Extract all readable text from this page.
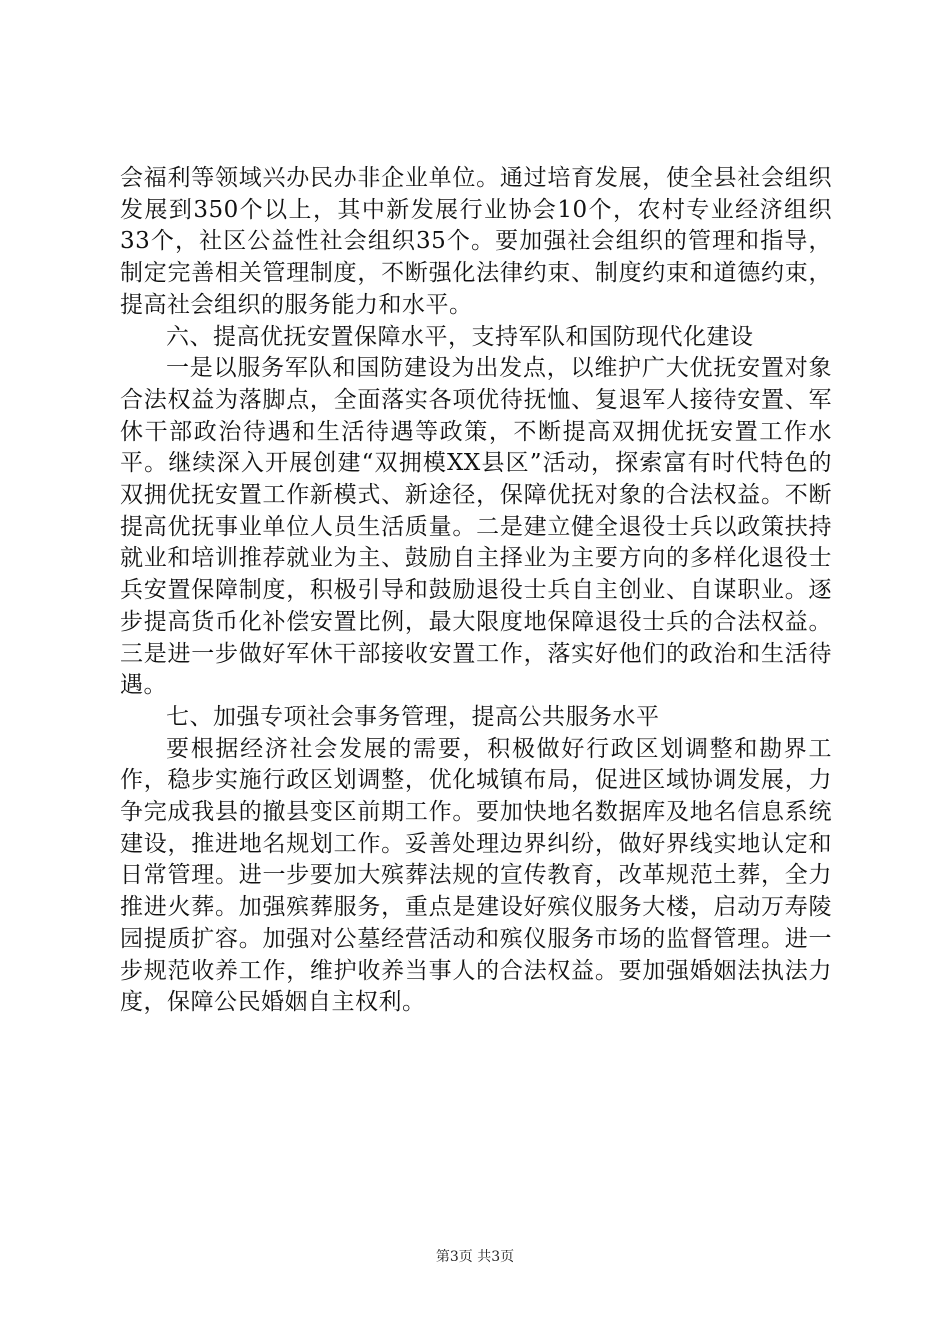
会福利等领域兴办民办非企业单位。通过培育发展，使全县社会组织发展到350个以上，其中新发展行业协会10个，农村专业经济组织33个，社区公益性社会组织35个。要加强社会组织的管理和指导，制定完善相关管理制度，不断强化法律约束、制度约束和道德约束，提高社会组织的服务能力和水平。

六、提高优抚安置保障水平，支持军队和国防现代化建设

一是以服务军队和国防建设为出发点，以维护广大优抚安置对象合法权益为落脚点，全面落实各项优待抚恤、复退军人接待安置、军休干部政治待遇和生活待遇等政策，不断提高双拥优抚安置工作水平。继续深入开展创建“双拥模XX县区”活动，探索富有时代特色的双拥优抚安置工作新模式、新途径，保障优抚对象的合法权益。不断提高优抚事业单位人员生活质量。二是建立健全退役士兵以政策扶持就业和培训推荐就业为主、鼓励自主择业为主要方向的多样化退役士兵安置保障制度，积极引导和鼓励退役士兵自主创业、自谋职业。逐步提高货币化补偿安置比例，最大限度地保障退役士兵的合法权益。三是进一步做好军休干部接收安置工作，落实好他们的政治和生活待遇。

七、加强专项社会事务管理，提高公共服务水平

要根据经济社会发展的需要，积极做好行政区划调整和勘界工作，稳步实施行政区划调整，优化城镇布局，促进区域协调发展，力争完成我县的撤县变区前期工作。要加快地名数据库及地名信息系统建设，推进地名规划工作。妥善处理边界纠纷，做好界线实地认定和日常管理。进一步要加大殡葬法规的宣传教育，改革规范土葬，全力推进火葬。加强殡葬服务，重点是建设好殡仪服务大楼，启动万寿陵园提质扩容。加强对公墓经营活动和殡仪服务市场的监督管理。进一步规范收养工作，维护收养当事人的合法权益。要加强婚姻法执法力度，保障公民婚姻自主权利。

第3页 共3页
